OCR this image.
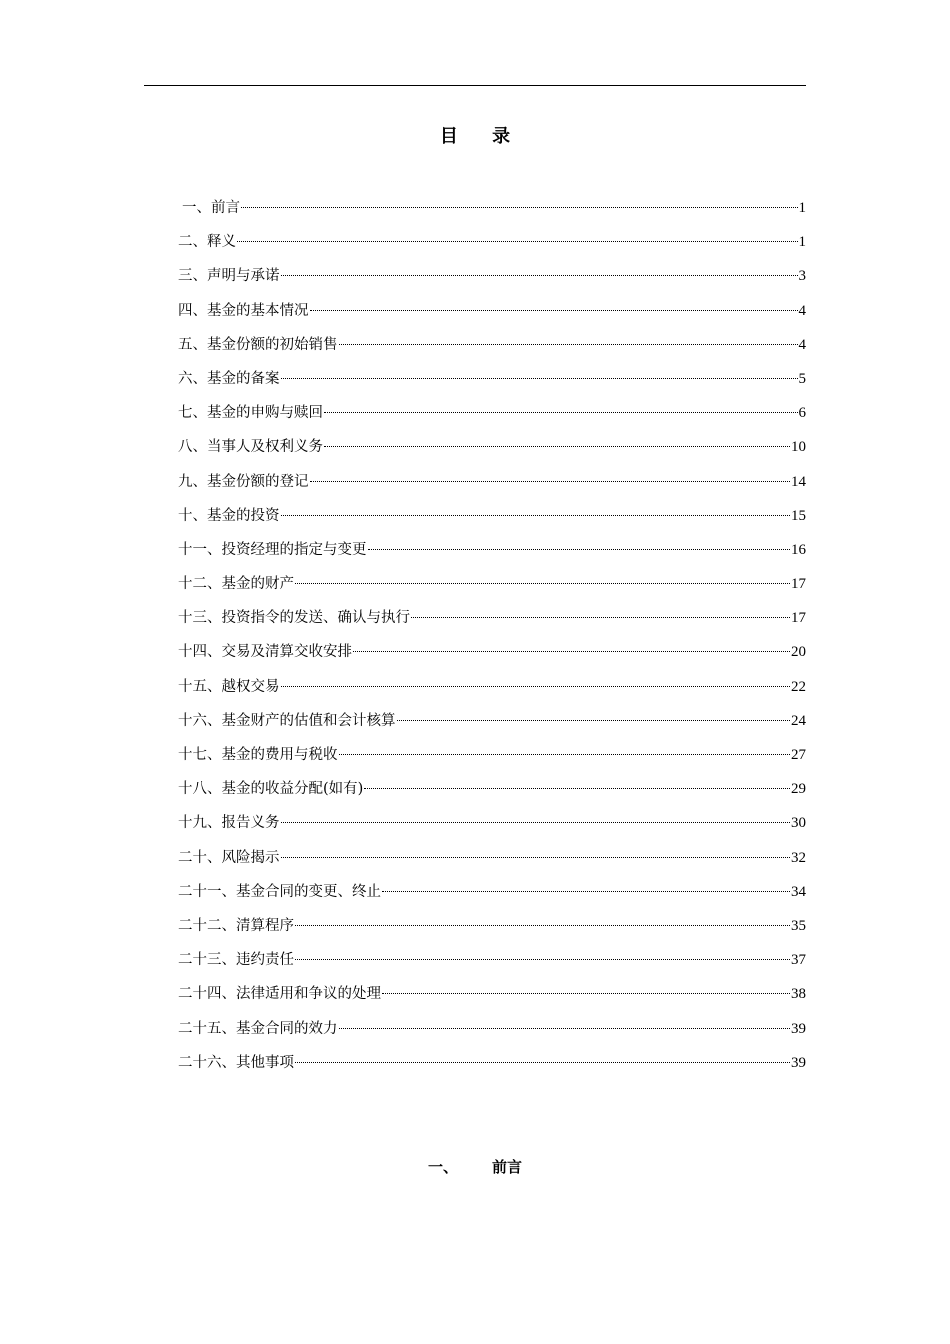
目 录
一、前言	1
二、释义	1
三、声明与承诺	3
四、基金的基本情况	4
五、基金份额的初始销售	4
六、基金的备案	5
七、基金的申购与赎回	6
八、当事人及权利义务	10
九、基金份额的登记	14
十、基金的投资	15
十一、投资经理的指定与变更	16
十二、基金的财产	17
十三、投资指令的发送、确认与执行	17
十四、交易及清算交收安排	20
十五、越权交易	22
十六、基金财产的估值和会计核算	24
十七、基金的费用与税收	27
十八、基金的收益分配(如有)	29
十九、报告义务	30
二十、风险揭示	32
二十一、基金合同的变更、终止	34
二十二、清算程序	35
二十三、违约责任	37
二十四、法律适用和争议的处理	38
二十五、基金合同的效力	39
二十六、其他事项	39
一、 前言
